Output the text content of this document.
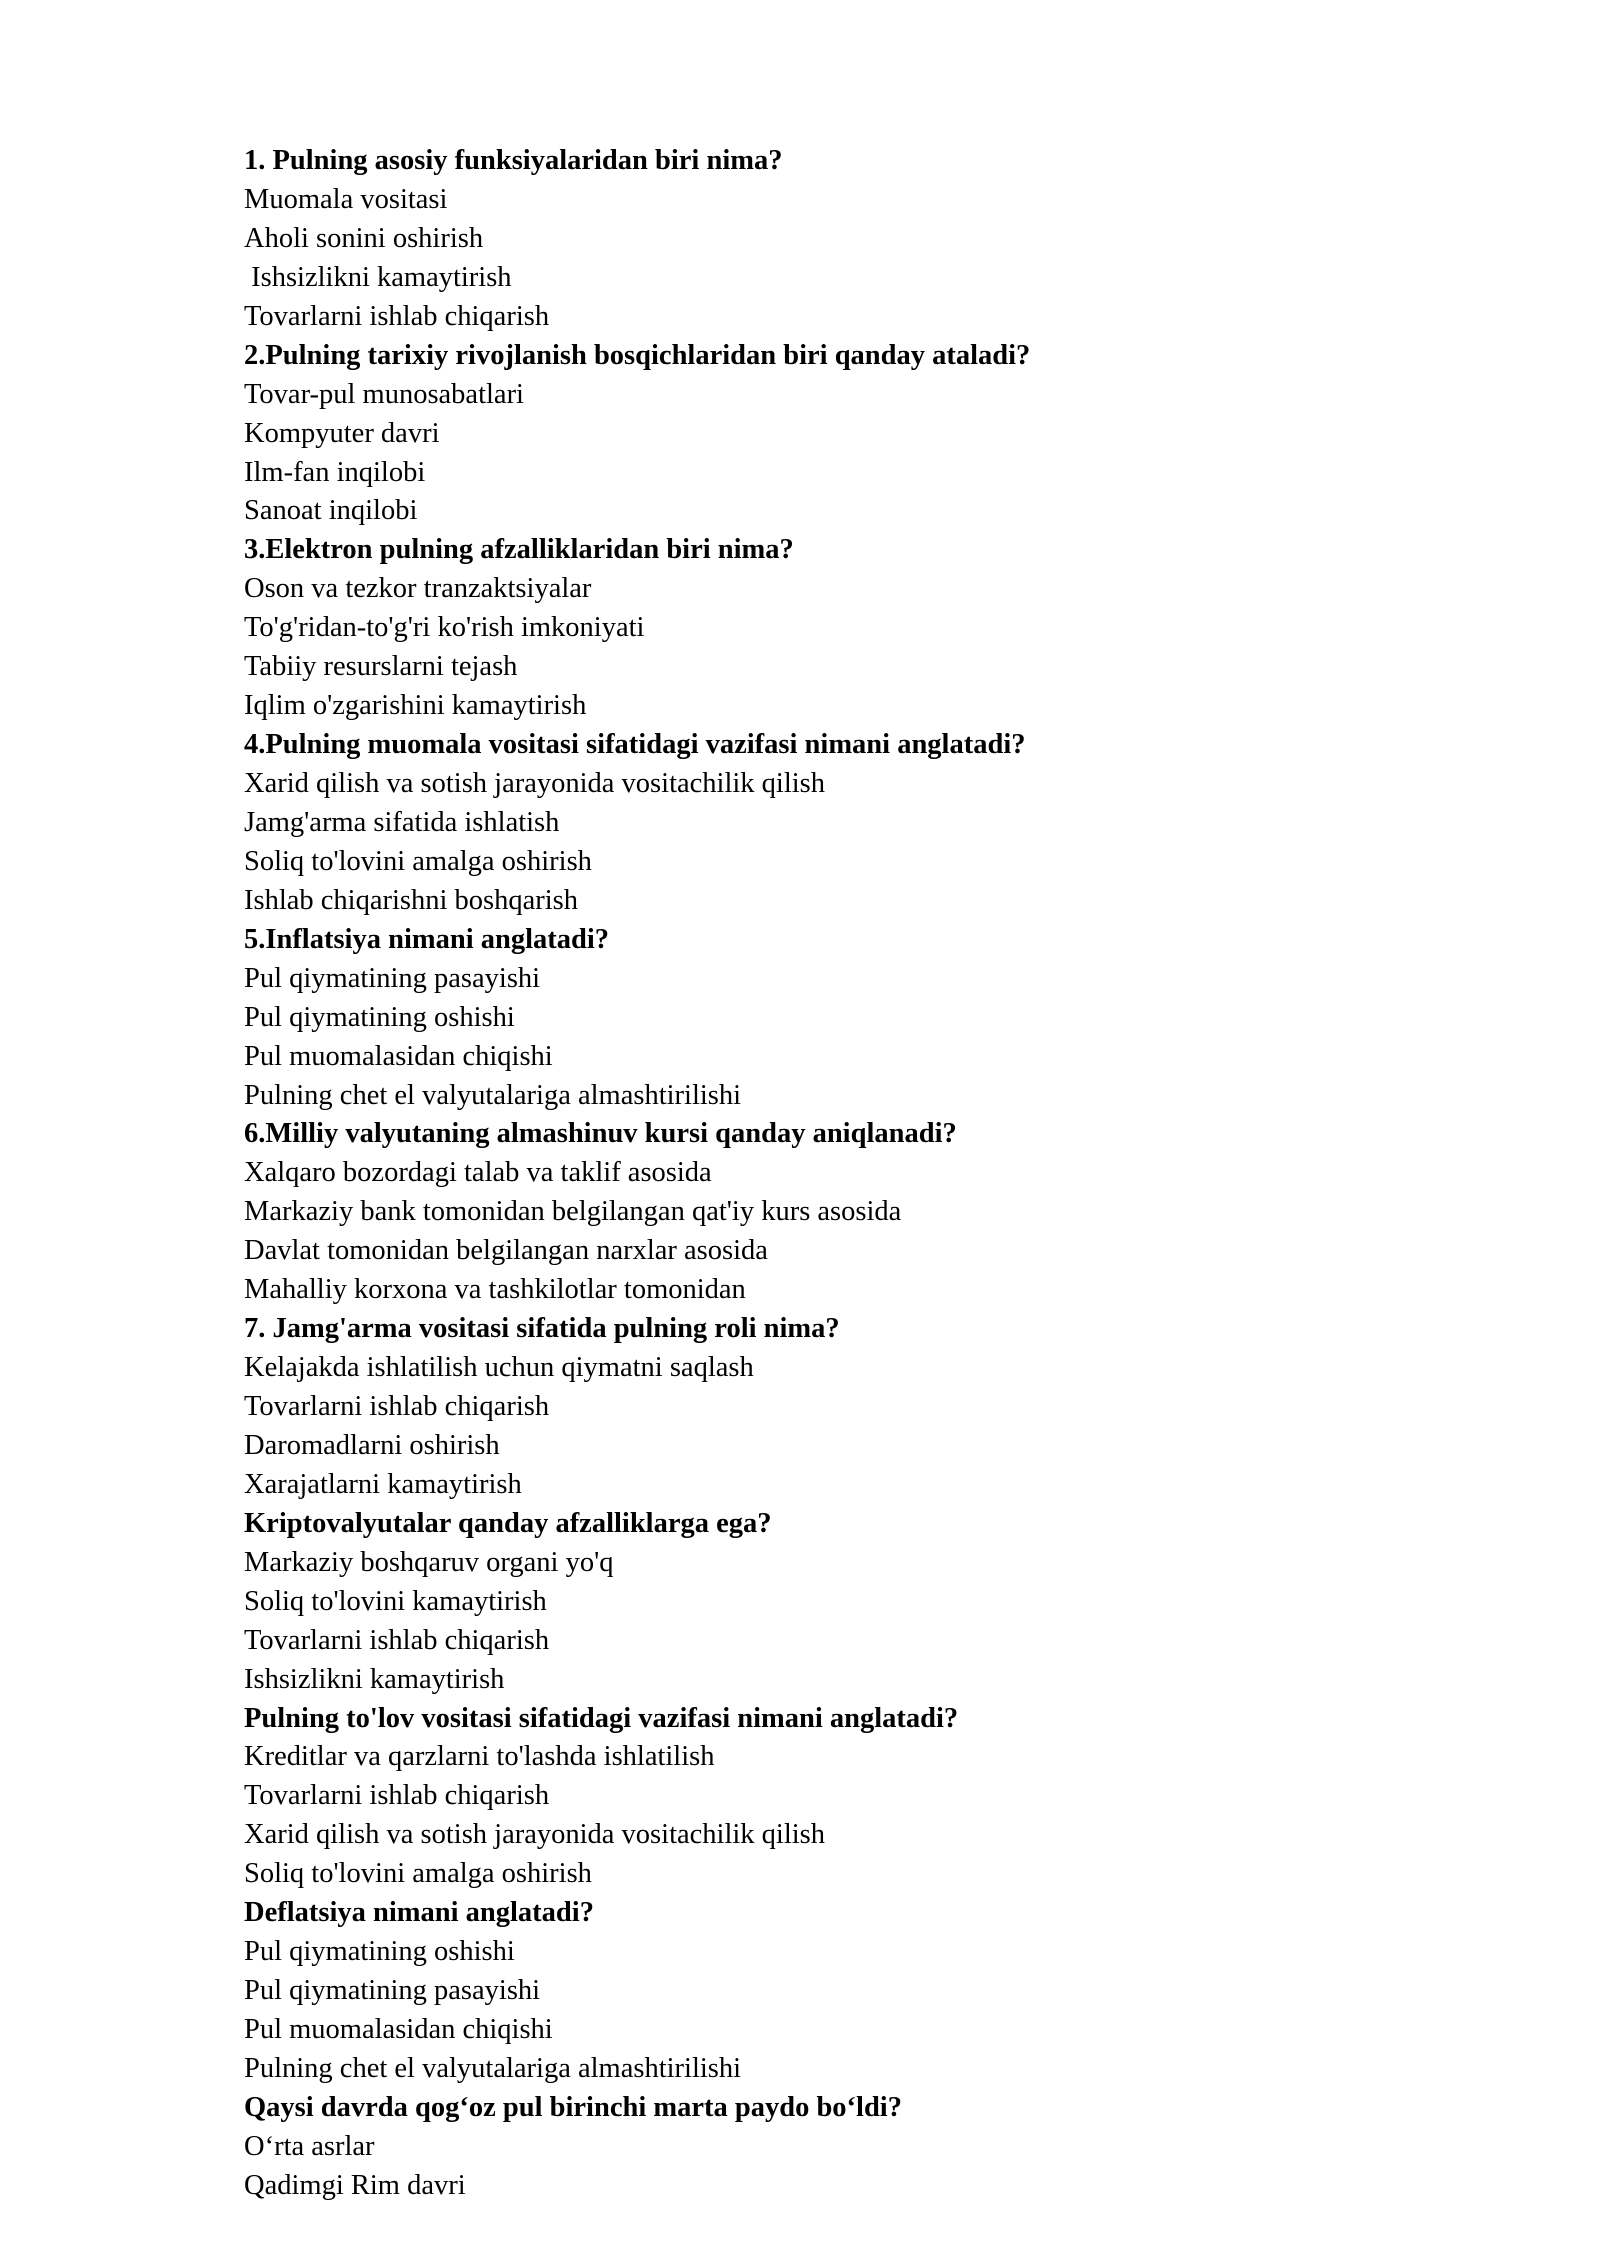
1. Pulning asosiy funksiyalaridan biri nima?
Muomala vositasi
Aholi sonini oshirish
Ishsizlikni kamaytirish
Tovarlarni ishlab chiqarish
2.Pulning tarixiy rivojlanish bosqichlaridan biri qanday ataladi?
Tovar-pul munosabatlari
Kompyuter davri
Ilm-fan inqilobi
Sanoat inqilobi
3.Elektron pulning afzalliklaridan biri nima?
Oson va tezkor tranzaktsiyalar
To'g'ridan-to'g'ri ko'rish imkoniyati
Tabiiy resurslarni tejash
Iqlim o'zgarishini kamaytirish
4.Pulning muomala vositasi sifatidagi vazifasi nimani anglatadi?
Xarid qilish va sotish jarayonida vositachilik qilish
Jamg'arma sifatida ishlatish
Soliq to'lovini amalga oshirish
Ishlab chiqarishni boshqarish
5.Inflatsiya nimani anglatadi?
Pul qiymatining pasayishi
Pul qiymatining oshishi
Pul muomalasidan chiqishi
Pulning chet el valyutalariga almashtirilishi
6.Milliy valyutaning almashinuv kursi qanday aniqlanadi?
Xalqaro bozordagi talab va taklif asosida
Markaziy bank tomonidan belgilangan qat'iy kurs asosida
Davlat tomonidan belgilangan narxlar asosida
Mahalliy korxona va tashkilotlar tomonidan
7. Jamg'arma vositasi sifatida pulning roli nima?
Kelajakda ishlatilish uchun qiymatni saqlash
Tovarlarni ishlab chiqarish
Daromadlarni oshirish
Xarajatlarni kamaytirish
Kriptovalyutalar qanday afzalliklarga ega?
Markaziy boshqaruv organi yo'q
Soliq to'lovini kamaytirish
Tovarlarni ishlab chiqarish
Ishsizlikni kamaytirish
Pulning to'lov vositasi sifatidagi vazifasi nimani anglatadi?
Kreditlar va qarzlarni to'lashda ishlatilish
Tovarlarni ishlab chiqarish
Xarid qilish va sotish jarayonida vositachilik qilish
Soliq to'lovini amalga oshirish
Deflatsiya nimani anglatadi?
Pul qiymatining oshishi
Pul qiymatining pasayishi
Pul muomalasidan chiqishi
Pulning chet el valyutalariga almashtirilishi
Qaysi davrda qog‘oz pul birinchi marta paydo bo‘ldi?
O‘rta asrlar
Qadimgi Rim davri
